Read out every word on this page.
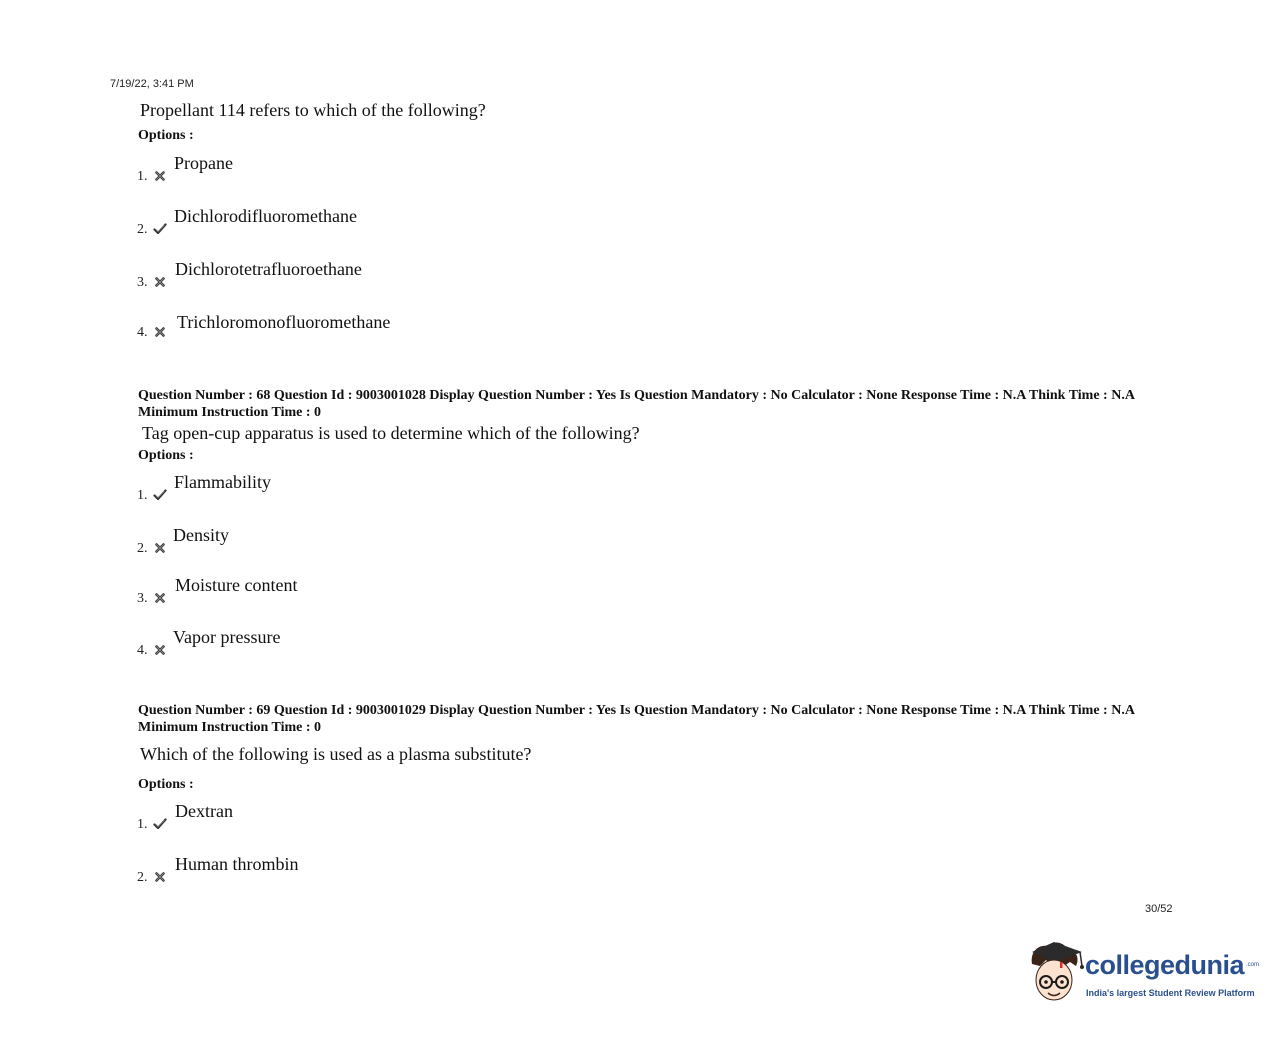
7/19/22, 3:41 PM
Propellant 114 refers to which of the following?
Options :
1.
Propane
2.
Dichlorodifluoromethane
3.
Dichlorotetrafluoroethane
4.
Trichloromonofluoromethane
Question Number : 68 Question Id : 9003001028 Display Question Number : Yes Is Question Mandatory : No Calculator : None Response Time : N.A Think Time : N.A Minimum Instruction Time : 0
Tag open-cup apparatus is used to determine which of the following?
Options :
1.
Flammability
2.
Density
3.
Moisture content
4.
Vapor pressure
Question Number : 69 Question Id : 9003001029 Display Question Number : Yes Is Question Mandatory : No Calculator : None Response Time : N.A Think Time : N.A Minimum Instruction Time : 0
Which of the following is used as a plasma substitute?
Options :
1.
Dextran
2.
Human thrombin
30/52
collegedunia .com
India's largest Student Review Platform
